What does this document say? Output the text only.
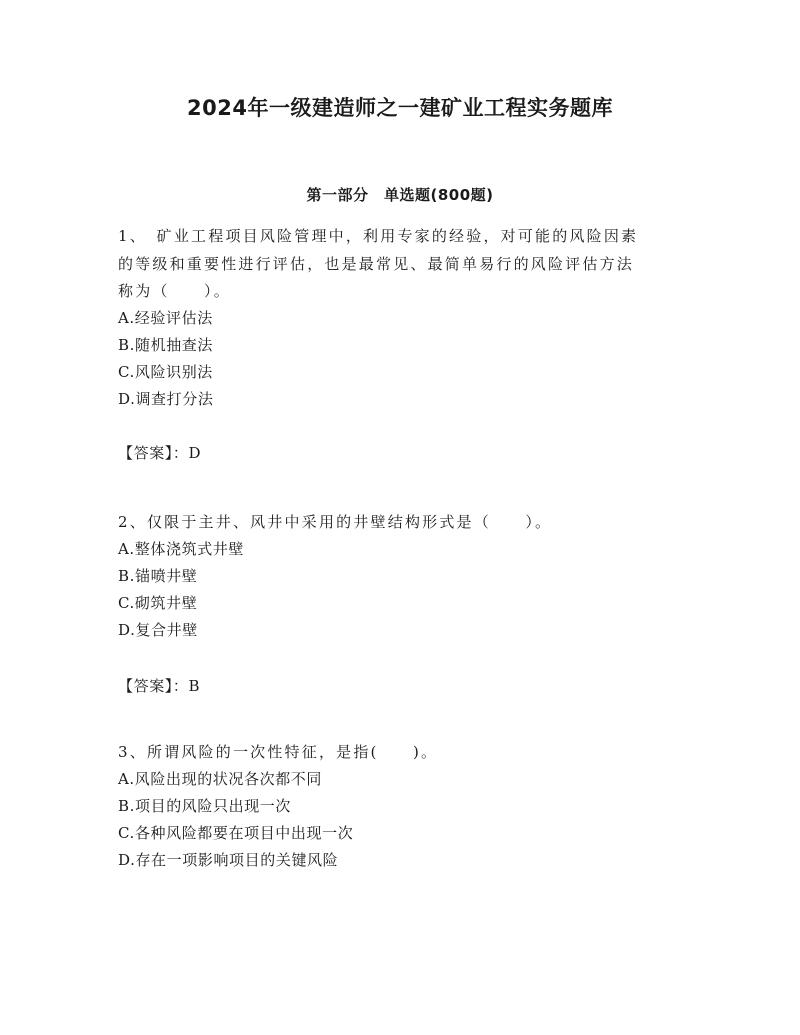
2024年一级建造师之一建矿业工程实务题库
第一部分　单选题(800题)
1、　矿业工程项目风险管理中，利用专家的经验，对可能的风险因素
的等级和重要性进行评估，也是最常见、最简单易行的风险评估方法
称为（　　）。
A.经验评估法
B.随机抽查法
C.风险识别法
D.调查打分法
【答案】：D
2、仅限于主井、风井中采用的井壁结构形式是（　　）。
A.整体浇筑式井壁
B.锚喷井壁
C.砌筑井壁
D.复合井壁
【答案】：B
3、所谓风险的一次性特征，是指(　　)。
A.风险出现的状况各次都不同
B.项目的风险只出现一次
C.各种风险都要在项目中出现一次
D.存在一项影响项目的关键风险
